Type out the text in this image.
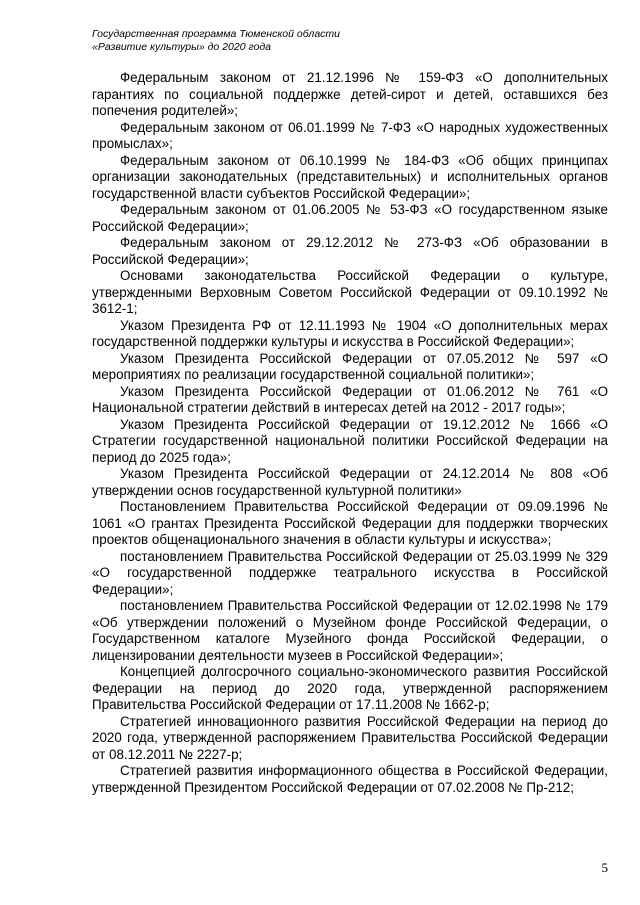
Государственная программа Тюменской области
«Развитие культуры» до 2020 года

Федеральным законом от 21.12.1996 № 159-ФЗ «О дополнительных гарантиях по социальной поддержке детей-сирот и детей, оставшихся без попечения родителей»;

Федеральным законом от 06.01.1999 № 7-ФЗ «О народных художественных промыслах»;

Федеральным законом от 06.10.1999 № 184-ФЗ «Об общих принципах организации законодательных (представительных) и исполнительных органов государственной власти субъектов Российской Федерации»;

Федеральным законом от 01.06.2005 № 53-ФЗ «О государственном языке Российской Федерации»;

Федеральным законом от 29.12.2012 № 273-ФЗ «Об образовании в Российской Федерации»;

Основами законодательства Российской Федерации о культуре, утвержденными Верховным Советом Российской Федерации от 09.10.1992 № 3612-1;

Указом Президента РФ от 12.11.1993 № 1904 «О дополнительных мерах государственной поддержки культуры и искусства в Российской Федерации»;

Указом Президента Российской Федерации от 07.05.2012 № 597 «О мероприятиях по реализации государственной социальной политики»;

Указом Президента Российской Федерации от 01.06.2012 № 761 «О Национальной стратегии действий в интересах детей на 2012 - 2017 годы»;

Указом Президента Российской Федерации от 19.12.2012 № 1666 «О Стратегии государственной национальной политики Российской Федерации на период до 2025 года»;

Указом Президента Российской Федерации от 24.12.2014 № 808 «Об утверждении основ государственной культурной политики»

Постановлением Правительства Российской Федерации от 09.09.1996 № 1061 «О грантах Президента Российской Федерации для поддержки творческих проектов общенационального значения в области культуры и искусства»;

постановлением Правительства Российской Федерации от 25.03.1999 № 329 «О государственной поддержке театрального искусства в Российской Федерации»;

постановлением Правительства Российской Федерации от 12.02.1998 № 179 «Об утверждении положений о Музейном фонде Российской Федерации, о Государственном каталоге Музейного фонда Российской Федерации, о лицензировании деятельности музеев в Российской Федерации»;

Концепцией долгосрочного социально-экономического развития Российской Федерации на период до 2020 года, утвержденной распоряжением Правительства Российской Федерации от 17.11.2008 № 1662-р;

Стратегией инновационного развития Российской Федерации на период до 2020 года, утвержденной распоряжением Правительства Российской Федерации от 08.12.2011 № 2227-р;

Стратегией развития информационного общества в Российской Федерации, утвержденной Президентом Российской Федерации от 07.02.2008 № Пр-212;

5
